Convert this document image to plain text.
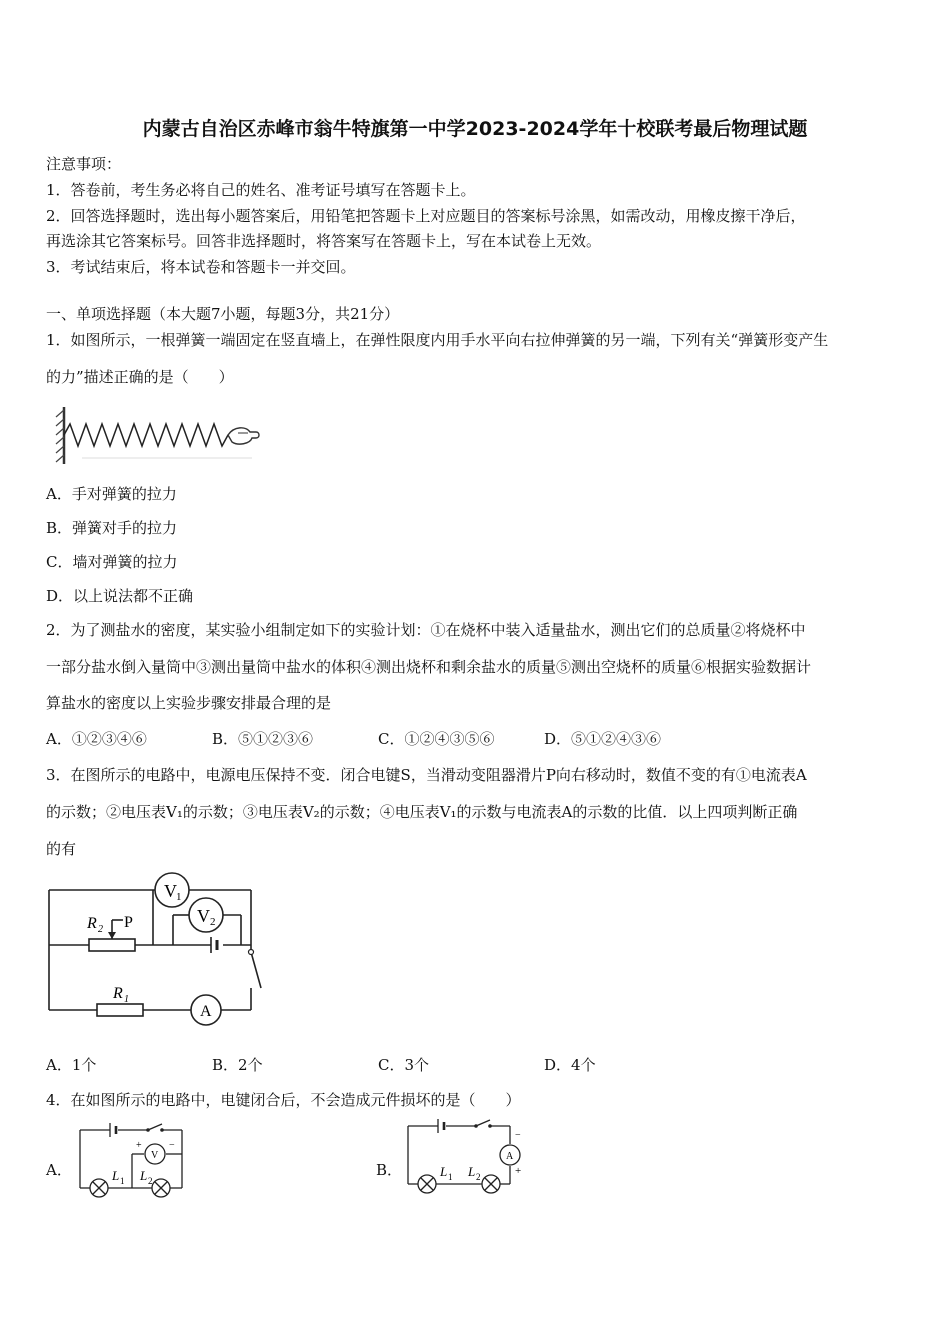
内蒙古自治区赤峰市翁牛特旗第一中学2023-2024学年十校联考最后物理试题
注意事项：
1．答卷前，考生务必将自己的姓名、准考证号填写在答题卡上。
2．回答选择题时，选出每小题答案后，用铅笔把答题卡上对应题目的答案标号涂黑，如需改动，用橡皮擦干净后，
再选涂其它答案标号。回答非选择题时，将答案写在答题卡上，写在本试卷上无效。
3．考试结束后，将本试卷和答题卡一并交回。
一、单项选择题（本大题7小题，每题3分，共21分）
1．如图所示，一根弹簧一端固定在竖直墙上，在弹性限度内用手水平向右拉伸弹簧的另一端，下列有关“弹簧形变产生
的力”描述正确的是（　　）
A．手对弹簧的拉力
B．弹簧对手的拉力
C．墙对弹簧的拉力
D．以上说法都不正确
2．为了测盐水的密度，某实验小组制定如下的实验计划：①在烧杯中装入适量盐水，测出它们的总质量②将烧杯中
一部分盐水倒入量筒中③测出量筒中盐水的体积④测出烧杯和剩余盐水的质量⑤测出空烧杯的质量⑥根据实验数据计
算盐水的密度以上实验步骤安排最合理的是
A．①②③④⑥	B．⑤①②③⑥	C．①②④③⑤⑥	D．⑤①②④③⑥
3．在图所示的电路中，电源电压保持不变．闭合电键S，当滑动变阻器滑片P向右移动时，数值不变的有①电流表A
的示数；②电压表V₁的示数；③电压表V₂的示数；④电压表V₁的示数与电流表A的示数的比值．以上四项判断正确
的有
V 1
V 2
A
R 2 P
R 1
A．1个	B．2个	C．3个	D．4个
4．在如图所示的电路中，电键闭合后，不会造成元件损坏的是（　　）
A．
V
+	−
L 1 L 2
B．
A
−
+
L 1 L 2
